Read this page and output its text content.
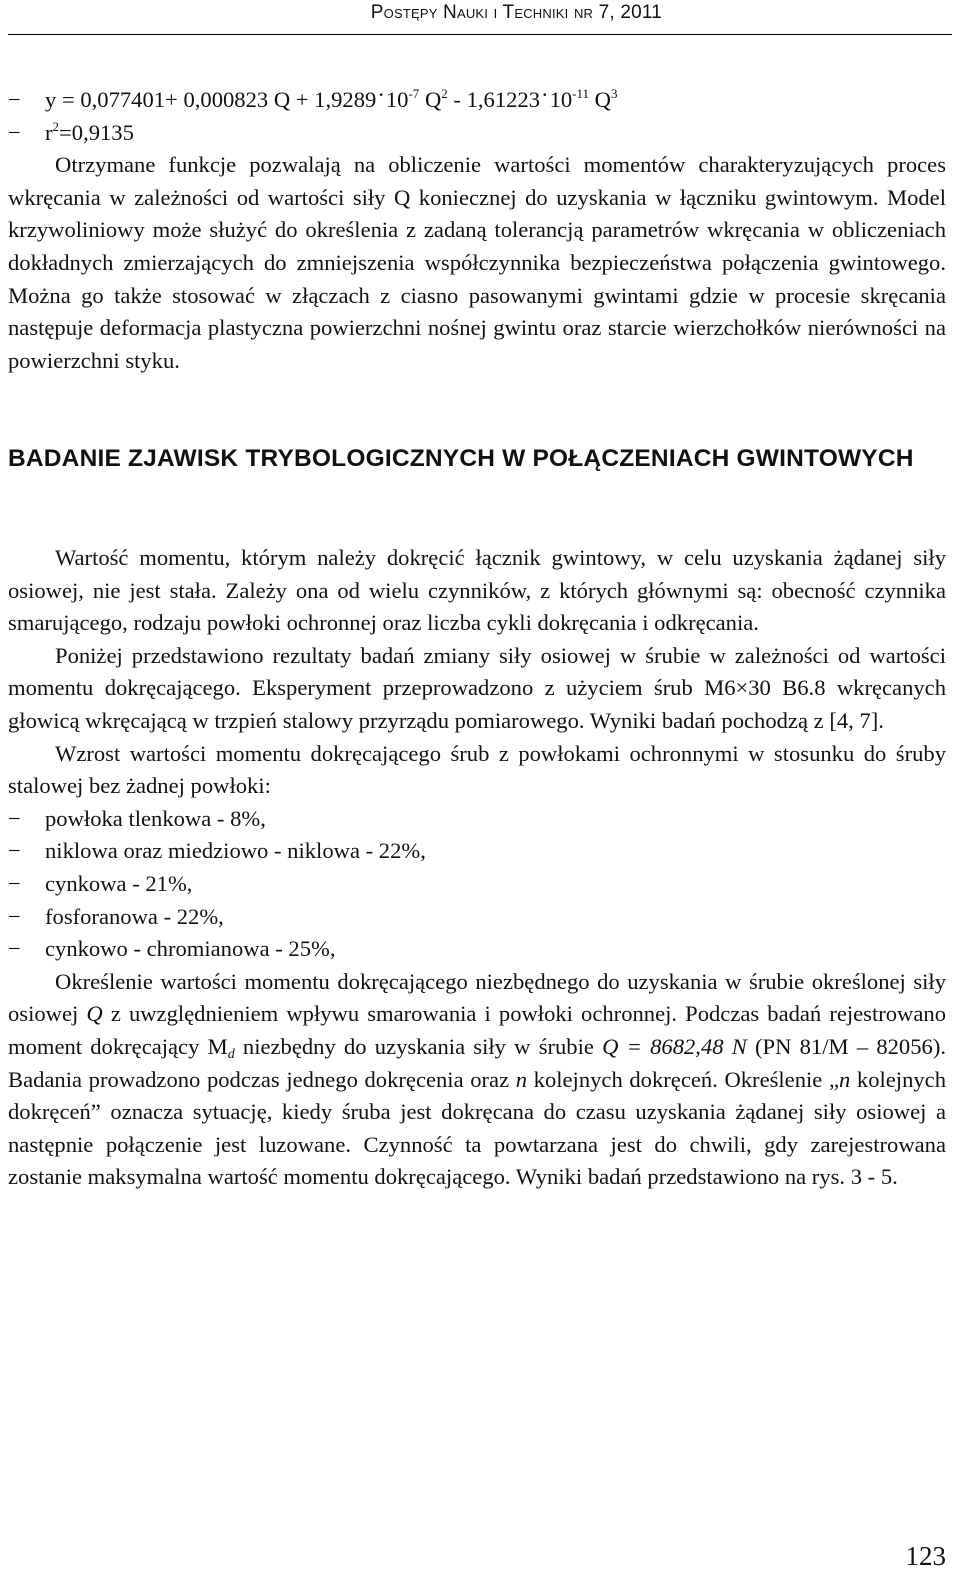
Postępy Nauki i Techniki nr 7, 2011
−	y = 0,077401+ 0,000823 $Q + 1,9289\cdot 10^{-7}$ $Q^2 - 1,61223\cdot 10^{-11}$ $Q^3$
−	$r^2=0,9135$

Otrzymane funkcje pozwalają na obliczenie wartości momentów charakteryzujących proces wkręcania w zależności od wartości siły Q koniecznej do uzyskania w łączniku gwintowym. Model krzywoliniowy może służyć do określenia z zadaną tolerancją parametrów wkręcania w obliczeniach dokładnych zmierzających do zmniejszenia współczynnika bezpieczeństwa połączenia gwintowego. Można go także stosować w złączach z ciasno pasowanymi gwintami gdzie w procesie skręcania następuje deformacja plastyczna powierzchni nośnej gwintu oraz starcie wierzchołków nierówności na powierzchni styku.

BADANIE ZJAWISK TRYBOLOGICZNYCH W POŁĄCZENIACH GWINTOWYCH

Wartość momentu, którym należy dokręcić łącznik gwintowy, w celu uzyskania żądanej siły osiowej, nie jest stała. Zależy ona od wielu czynników, z których głównymi są: obecność czynnika smarującego, rodzaju powłoki ochronnej oraz liczba cykli dokręcania i odkręcania.

Poniżej przedstawiono rezultaty badań zmiany siły osiowej w śrubie w zależności od wartości momentu dokręcającego. Eksperyment przeprowadzono z użyciem śrub M6×30 B6.8 wkręcanych głowicą wkręcającą w trzpień stalowy przyrządu pomiarowego. Wyniki badań pochodzą z [4, 7].

Wzrost wartości momentu dokręcającego śrub z powłokami ochronnymi w stosunku do śruby stalowej bez żadnej powłoki:

−	powłoka tlenkowa - 8%,
−	niklowa oraz miedziowo - niklowa - 22%,
−	cynkowa - 21%,
−	fosforanowa - 22%,
−	cynkowo - chromianowa - 25%,

Określenie wartości momentu dokręcającego niezbędnego do uzyskania w śrubie określonej siły osiowej Q z uwzględnieniem wpływu smarowania i powłoki ochronnej. Podczas badań rejestrowano moment dokręcający $M_d$ niezbędny do uzyskania siły w śrubie Q = 8682,48 N (PN 81/M – 82056). Badania prowadzono podczas jednego dokręcenia oraz n kolejnych dokręceń. Określenie „n kolejnych dokręceń” oznacza sytuację, kiedy śruba jest dokręcana do czasu uzyskania żądanej siły osiowej a następnie połączenie jest luzowane. Czynność ta powtarzana jest do chwili, gdy zarejestrowana zostanie maksymalna wartość momentu dokręcającego. Wyniki badań przedstawiono na rys. 3 - 5.

123
